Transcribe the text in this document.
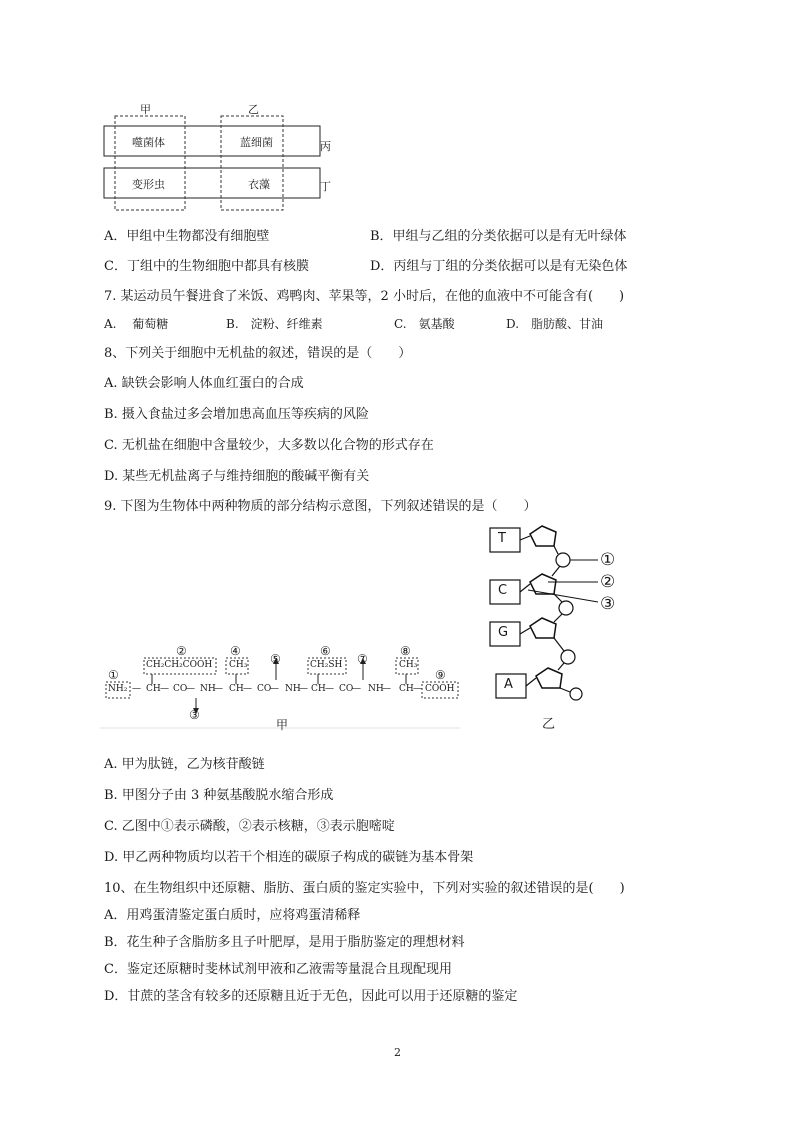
甲	乙
噬菌体	蓝细菌
变形虫	衣藻
丙
丁
A．甲组中生物都没有细胞壁	B．甲组与乙组的分类依据可以是有无叶绿体
C．丁组中的生物细胞中都具有核膜	D．丙组与丁组的分类依据可以是有无染色体
7. 某运动员午餐进食了米饭、鸡鸭肉、苹果等，2 小时后，在他的血液中不可能含有(　　)
A.　 葡萄糖	B.　淀粉、纤维素	C.　氨基酸	D.　脂肪酸、甘油
8、下列关于细胞中无机盐的叙述，错误的是（　　）
A. 缺铁会影响人体血红蛋白的合成
B. 摄入食盐过多会增加患高血压等疾病的风险
C. 无机盐在细胞中含量较少，大多数以化合物的形式存在
D. 某些无机盐离子与维持细胞的酸碱平衡有关
9. 下图为生物体中两种物质的部分结构示意图，下列叙述错误的是（　　）
①
②	④
⑤
⑥
⑦
⑧
⑨
③
CH₂CH₂COOH CH₃	CH₂SH	CH₃
NH₂ — CH — CO
— NH
— CH — CO
— NH
— CH — CO
— NH
— CH — COOH
甲
T
C
G
A
①
②
③
乙
A. 甲为肽链，乙为核苷酸链
B. 甲图分子由 3 种氨基酸脱水缩合形成
C. 乙图中①表示磷酸，②表示核糖，③表示胞嘧啶
D. 甲乙两种物质均以若干个相连的碳原子构成的碳链为基本骨架
10、在生物组织中还原糖、脂肪、蛋白质的鉴定实验中，下列对实验的叙述错误的是(　　)
A．用鸡蛋清鉴定蛋白质时，应将鸡蛋清稀释
B．花生种子含脂肪多且子叶肥厚，是用于脂肪鉴定的理想材料
C．鉴定还原糖时斐林试剂甲液和乙液需等量混合且现配现用
D．甘蔗的茎含有较多的还原糖且近于无色，因此可以用于还原糖的鉴定
2
